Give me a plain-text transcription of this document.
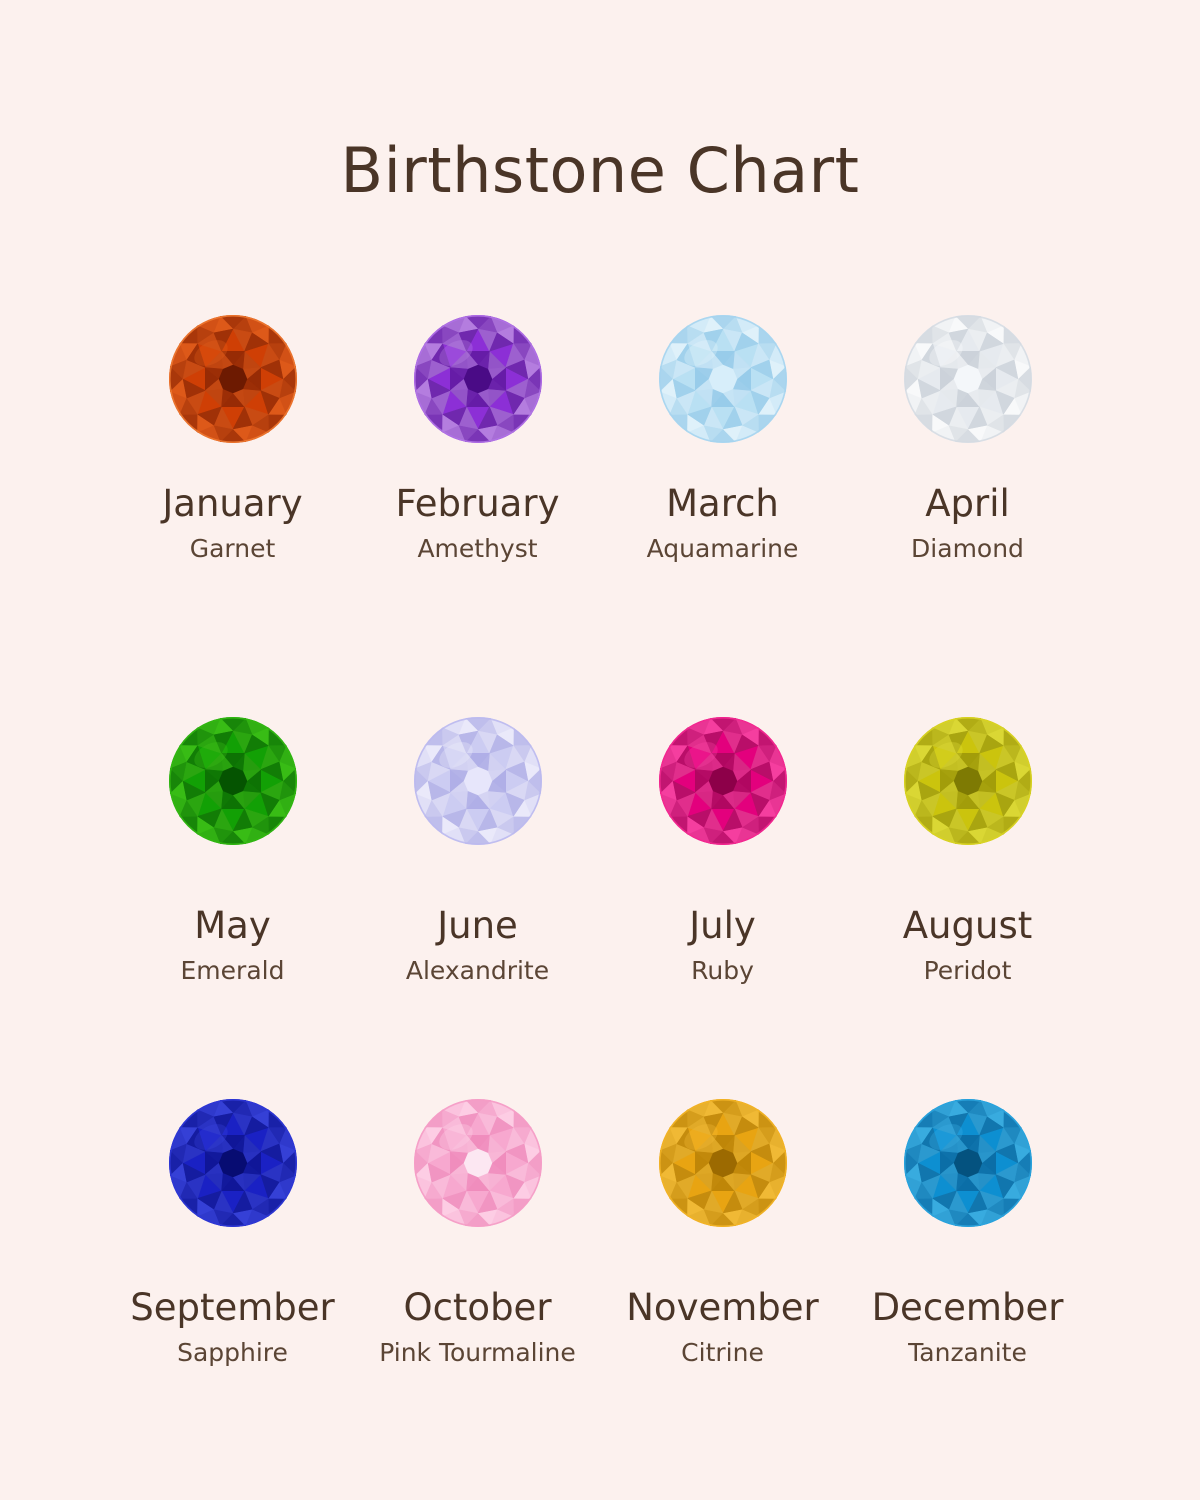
Birthstone Chart
January
Garnet
February
Amethyst
March
Aquamarine
April
Diamond
May
Emerald
June
Alexandrite
July
Ruby
August
Peridot
September
Sapphire
October
Pink Tourmaline
November
Citrine
December
Tanzanite
